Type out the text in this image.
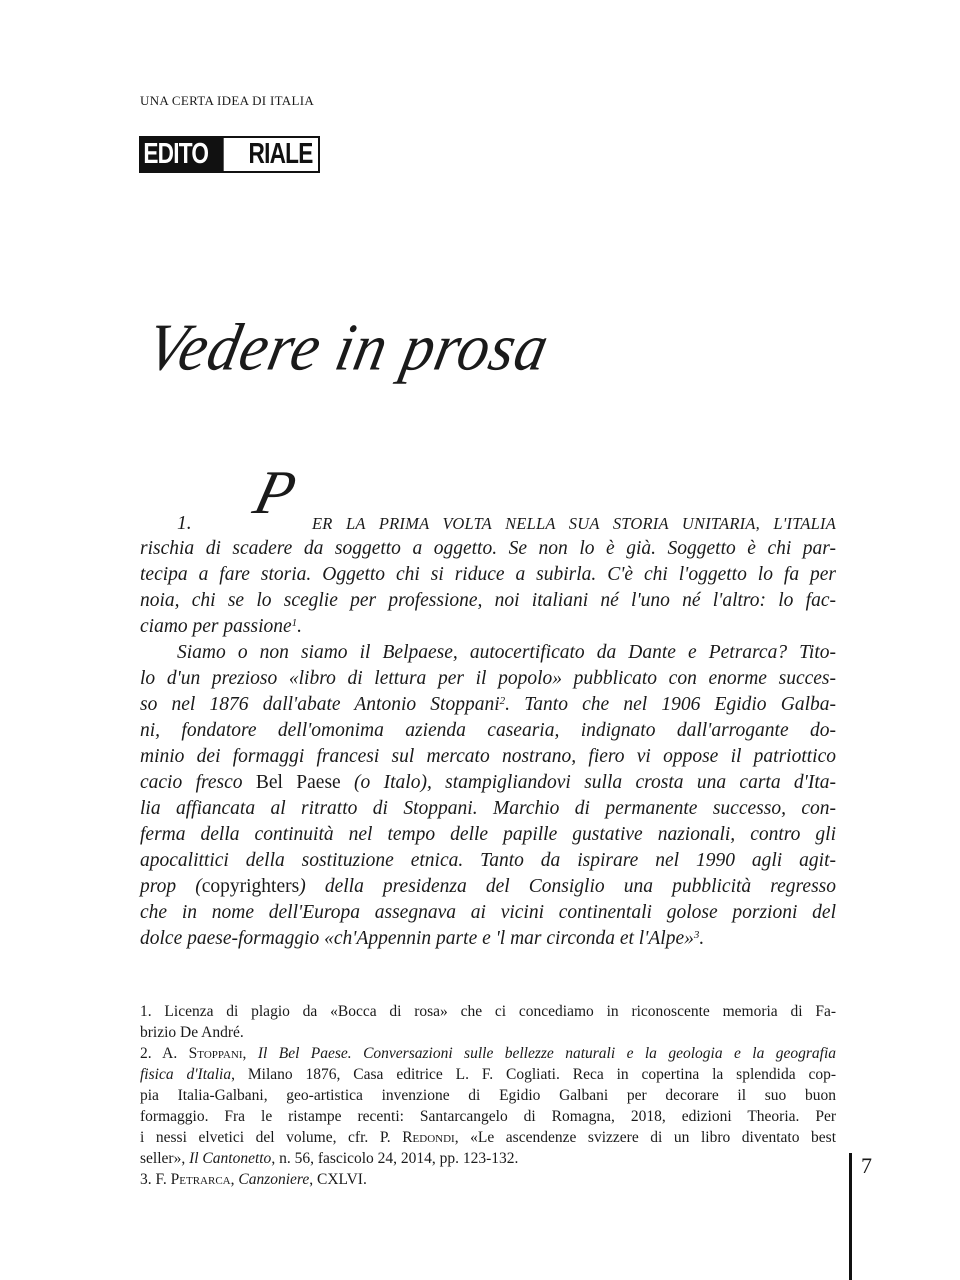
UNA CERTA IDEA DI ITALIA
EDITO	RIALE
Vedere in prosa
1. P ER LA PRIMA VOLTA NELLA SUA STORIA UNITARIA, L'ITALIA
rischia di scadere da soggetto a oggetto. Se non lo è già. Soggetto è chi par-
tecipa a fare storia. Oggetto chi si riduce a subirla. C'è chi l'oggetto lo fa per
noia, chi se lo sceglie per professione, noi italiani né l'uno né l'altro: lo fac-
ciamo per passione$^1$.
Siamo o non siamo il Belpaese, autocertificato da Dante e Petrarca? Tito-
lo d'un prezioso «libro di lettura per il popolo» pubblicato con enorme succes-
so nel 1876 dall'abate Antonio Stoppani$^2$. Tanto che nel 1906 Egidio Galba-
ni, fondatore dell'omonima azienda casearia, indignato dall'arrogante do-
minio dei formaggi francesi sul mercato nostrano, fiero vi oppose il patriottico
cacio fresco Bel Paese (o Italo), stampigliandovi sulla crosta una carta d'Ita-
lia affiancata al ritratto di Stoppani. Marchio di permanente successo, con-
ferma della continuità nel tempo delle papille gustative nazionali, contro gli
apocalittici della sostituzione etnica. Tanto da ispirare nel 1990 agli agit-
prop (copyrighters) della presidenza del Consiglio una pubblicità regresso
che in nome dell'Europa assegnava ai vicini continentali golose porzioni del
dolce paese-formaggio «ch'Appennin parte e 'l mar circonda et l'Alpe»$^3$.
1. Licenza di plagio da «Bocca di rosa» che ci concediamo in riconoscente memoria di Fa-
brizio De André.
2. A. Stoppani, Il Bel Paese. Conversazioni sulle bellezze naturali e la geologia e la geografia
fisica d'Italia, Milano 1876, Casa editrice L. F. Cogliati. Reca in copertina la splendida cop-
pia Italia-Galbani, geo-artistica invenzione di Egidio Galbani per decorare il suo buon
formaggio. Fra le ristampe recenti: Santarcangelo di Romagna, 2018, edizioni Theoria. Per
i nessi elvetici del volume, cfr. P. Redondi, «Le ascendenze svizzere di un libro diventato best
seller», Il Cantonetto, n. 56, fascicolo 24, 2014, pp. 123-132.
3. F. Petrarca, Canzoniere, CXLVI.
7
